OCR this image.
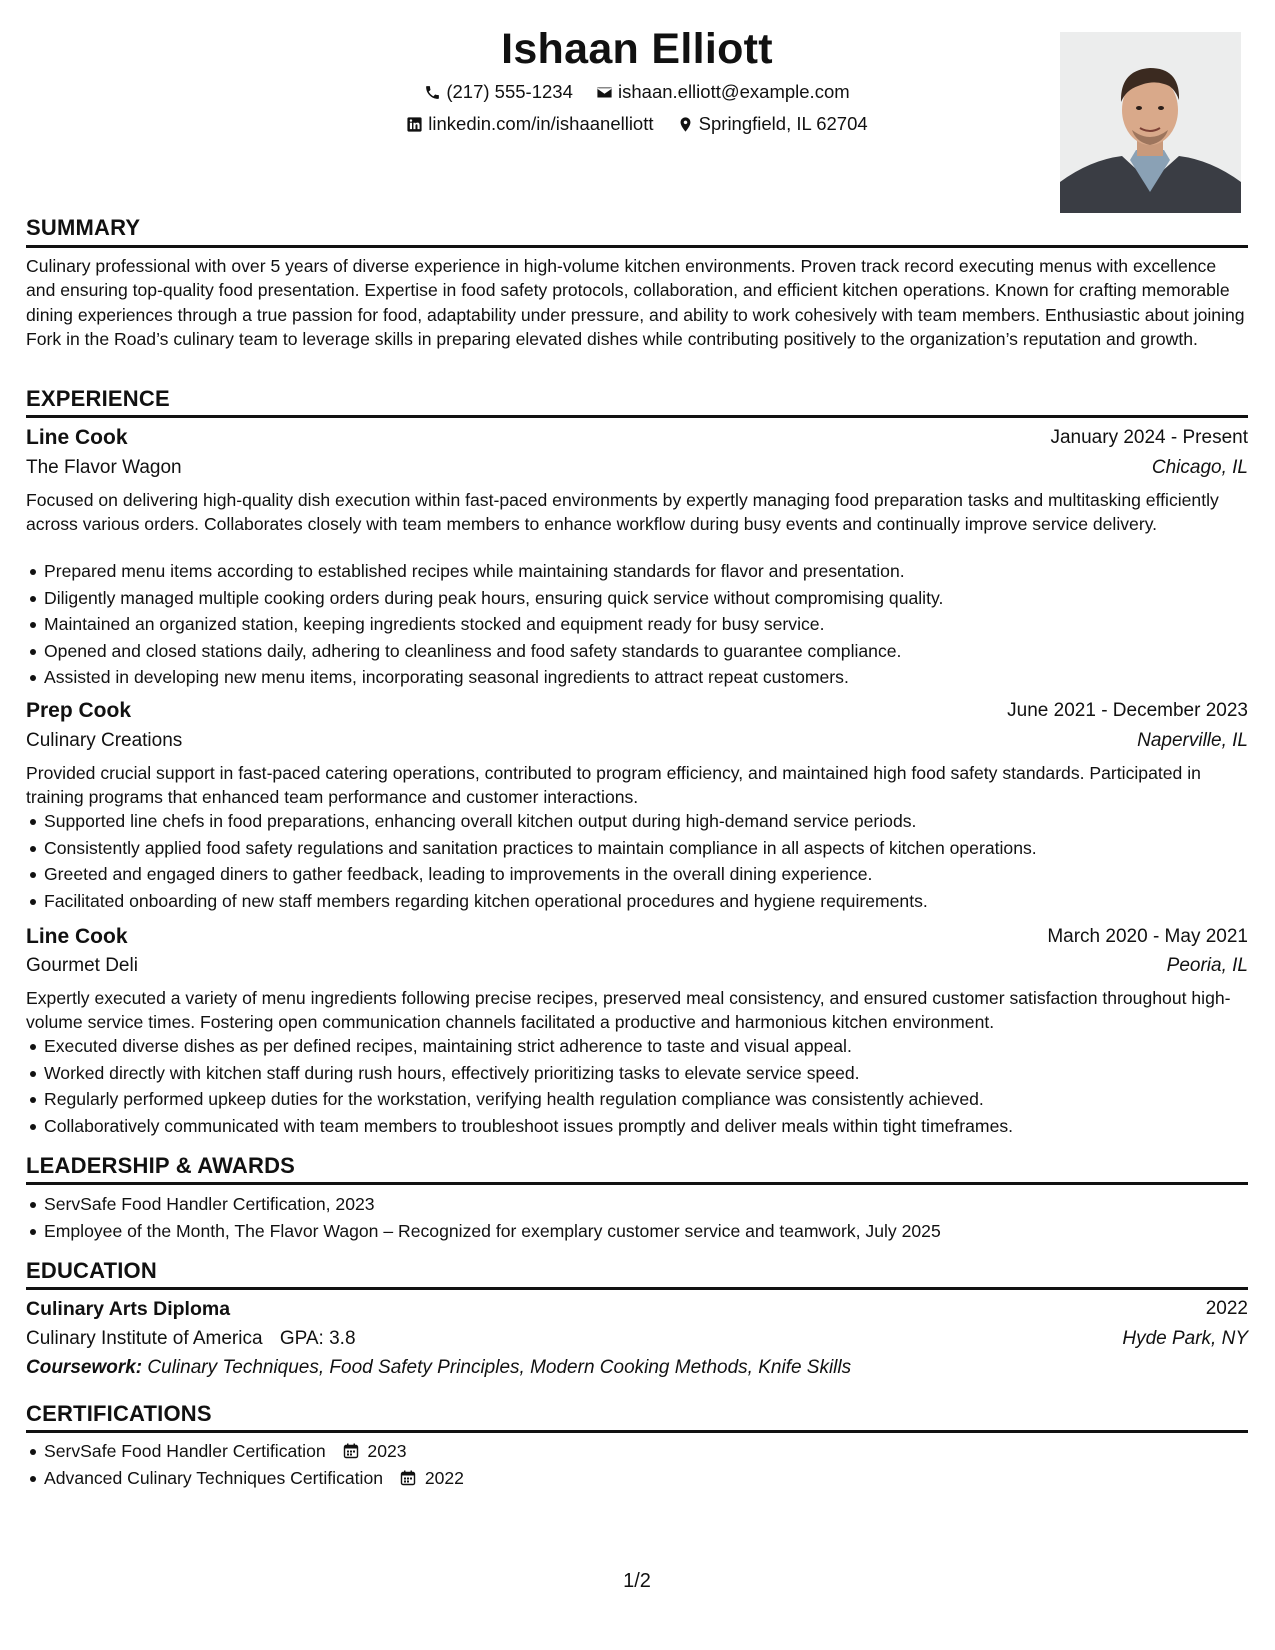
Ishaan Elliott
(217) 555-1234
ishaan.elliott@example.com
linkedin.com/in/ishaanelliott
Springfield, IL 62704
SUMMARY
Culinary professional with over 5 years of diverse experience in high-volume kitchen environments. Proven track record executing menus with excellence and ensuring top-quality food presentation. Expertise in food safety protocols, collaboration, and efficient kitchen operations. Known for crafting memorable dining experiences through a true passion for food, adaptability under pressure, and ability to work cohesively with team members. Enthusiastic about joining Fork in the Road’s culinary team to leverage skills in preparing elevated dishes while contributing positively to the organization’s reputation and growth.
EXPERIENCE
Line Cook	January 2024 - Present
The Flavor Wagon	Chicago, IL
Focused on delivering high-quality dish execution within fast-paced environments by expertly managing food preparation tasks and multitasking efficiently across various orders. Collaborates closely with team members to enhance workflow during busy events and continually improve service delivery.
Prepared menu items according to established recipes while maintaining standards for flavor and presentation.
Diligently managed multiple cooking orders during peak hours, ensuring quick service without compromising quality.
Maintained an organized station, keeping ingredients stocked and equipment ready for busy service.
Opened and closed stations daily, adhering to cleanliness and food safety standards to guarantee compliance.
Assisted in developing new menu items, incorporating seasonal ingredients to attract repeat customers.
Prep Cook	June 2021 - December 2023
Culinary Creations	Naperville, IL
Provided crucial support in fast-paced catering operations, contributed to program efficiency, and maintained high food safety standards. Participated in training programs that enhanced team performance and customer interactions.
Supported line chefs in food preparations, enhancing overall kitchen output during high-demand service periods.
Consistently applied food safety regulations and sanitation practices to maintain compliance in all aspects of kitchen operations.
Greeted and engaged diners to gather feedback, leading to improvements in the overall dining experience.
Facilitated onboarding of new staff members regarding kitchen operational procedures and hygiene requirements.
Line Cook	March 2020 - May 2021
Gourmet Deli	Peoria, IL
Expertly executed a variety of menu ingredients following precise recipes, preserved meal consistency, and ensured customer satisfaction throughout high-volume service times. Fostering open communication channels facilitated a productive and harmonious kitchen environment.
Executed diverse dishes as per defined recipes, maintaining strict adherence to taste and visual appeal.
Worked directly with kitchen staff during rush hours, effectively prioritizing tasks to elevate service speed.
Regularly performed upkeep duties for the workstation, verifying health regulation compliance was consistently achieved.
Collaboratively communicated with team members to troubleshoot issues promptly and deliver meals within tight timeframes.
LEADERSHIP & AWARDS
ServSafe Food Handler Certification, 2023
Employee of the Month, The Flavor Wagon – Recognized for exemplary customer service and teamwork, July 2025
EDUCATION
Culinary Arts Diploma	2022
Culinary Institute of America GPA: 3.8	Hyde Park, NY
Coursework: Culinary Techniques, Food Safety Principles, Modern Cooking Methods, Knife Skills
CERTIFICATIONS
ServSafe Food Handler Certification 2023
Advanced Culinary Techniques Certification 2022
1/2
